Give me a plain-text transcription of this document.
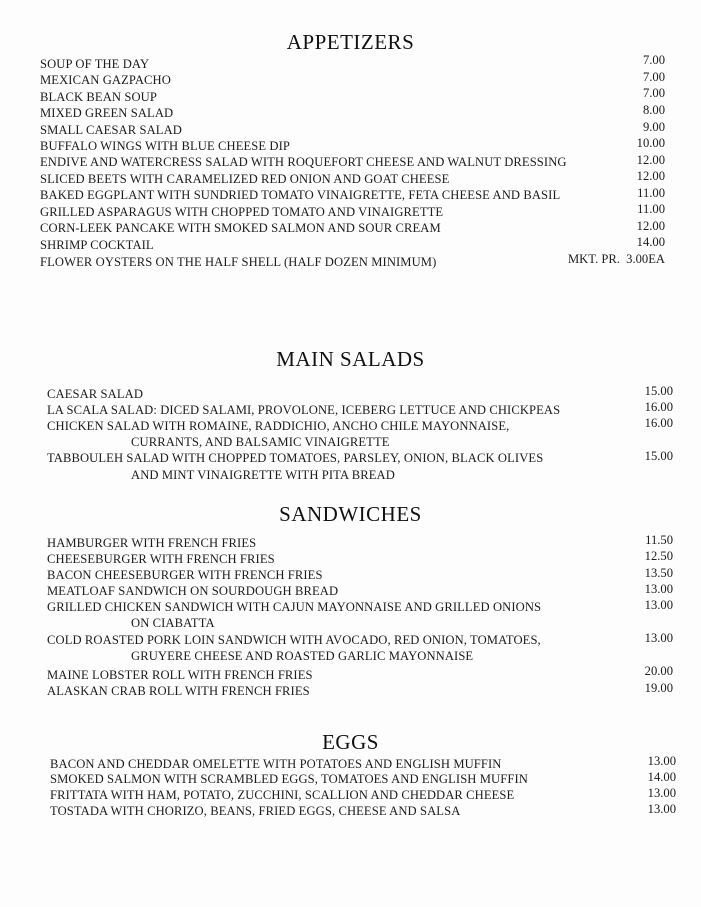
APPETIZERS
SOUP OF THE DAY	7.00
MEXICAN GAZPACHO	7.00
BLACK BEAN SOUP	7.00
MIXED GREEN SALAD	8.00
SMALL CAESAR SALAD	9.00
BUFFALO WINGS WITH BLUE CHEESE DIP	10.00
ENDIVE AND WATERCRESS SALAD WITH ROQUEFORT CHEESE AND WALNUT DRESSING	12.00
SLICED BEETS WITH CARAMELIZED RED ONION AND GOAT CHEESE	12.00
BAKED EGGPLANT WITH SUNDRIED TOMATO VINAIGRETTE, FETA CHEESE AND BASIL	11.00
GRILLED ASPARAGUS WITH CHOPPED TOMATO AND VINAIGRETTE	11.00
CORN-LEEK PANCAKE WITH SMOKED SALMON AND SOUR CREAM	12.00
SHRIMP COCKTAIL	14.00
FLOWER OYSTERS ON THE HALF SHELL (HALF DOZEN MINIMUM)	MKT. PR.  3.00EA
MAIN SALADS
CAESAR SALAD	15.00
LA SCALA SALAD: DICED SALAMI, PROVOLONE, ICEBERG LETTUCE AND CHICKPEAS	16.00
CHICKEN SALAD WITH ROMAINE, RADDICHIO, ANCHO CHILE MAYONNAISE,
CURRANTS, AND BALSAMIC VINAIGRETTE
16.00
TABBOULEH SALAD WITH CHOPPED TOMATOES, PARSLEY, ONION, BLACK OLIVES
AND MINT VINAIGRETTE WITH PITA BREAD
15.00
SANDWICHES
HAMBURGER WITH FRENCH FRIES	11.50
CHEESEBURGER WITH FRENCH FRIES	12.50
BACON CHEESEBURGER WITH FRENCH FRIES	13.50
MEATLOAF SANDWICH ON SOURDOUGH BREAD	13.00
GRILLED CHICKEN SANDWICH WITH CAJUN MAYONNAISE AND GRILLED ONIONS
ON CIABATTA
13.00
COLD ROASTED PORK LOIN SANDWICH WITH AVOCADO, RED ONION, TOMATOES,
GRUYERE CHEESE AND ROASTED GARLIC MAYONNAISE
13.00
MAINE LOBSTER ROLL WITH FRENCH FRIES	20.00
ALASKAN CRAB ROLL WITH FRENCH FRIES	19.00
EGGS
BACON AND CHEDDAR OMELETTE WITH POTATOES AND ENGLISH MUFFIN	13.00
SMOKED SALMON WITH SCRAMBLED EGGS, TOMATOES AND ENGLISH MUFFIN	14.00
FRITTATA WITH HAM, POTATO, ZUCCHINI, SCALLION AND CHEDDAR CHEESE	13.00
TOSTADA WITH CHORIZO, BEANS, FRIED EGGS, CHEESE AND SALSA	13.00
